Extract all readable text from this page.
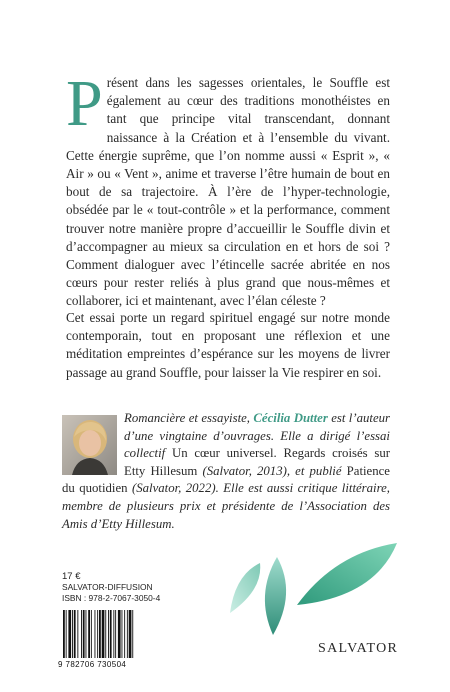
Présent dans les sagesses orientales, le Souffle est également au cœur des traditions monothéistes en tant que principe vital transcendant, donnant naissance à la Création et à l’ensemble du vivant. Cette énergie suprême, que l’on nomme aussi « Esprit », « Air » ou « Vent », anime et traverse l’être humain de bout en bout de sa trajectoire. À l’ère de l’hyper-technologie, obsédée par le « tout-contrôle » et la performance, comment trouver notre manière propre d’accueillir le Souffle divin et d’accompagner au mieux sa circulation en et hors de soi ? Comment dialoguer avec l’étincelle sacrée abritée en nos cœurs pour rester reliés à plus grand que nous-mêmes et collaborer, ici et maintenant, avec l’élan céleste ?

Cet essai porte un regard spirituel engagé sur notre monde contemporain, tout en proposant une réflexion et une méditation empreintes d’espérance sur les moyens de livrer passage au grand Souffle, pour laisser la Vie respirer en soi.

Romancière et essayiste, Cécilia Dutter est l’auteur d’une vingtaine d’ouvrages. Elle a dirigé l’essai collectif Un cœur universel. Regards croisés sur Etty Hillesum (Salvator, 2013), et publié Patience du quotidien (Salvator, 2022). Elle est aussi critique littéraire, membre de plusieurs prix et présidente de l’Association des Amis d’Etty Hillesum.

17 €
SALVATOR-DIFFUSION
ISBN : 978-2-7067-3050-4
9 782706 730504
SALVATOR
